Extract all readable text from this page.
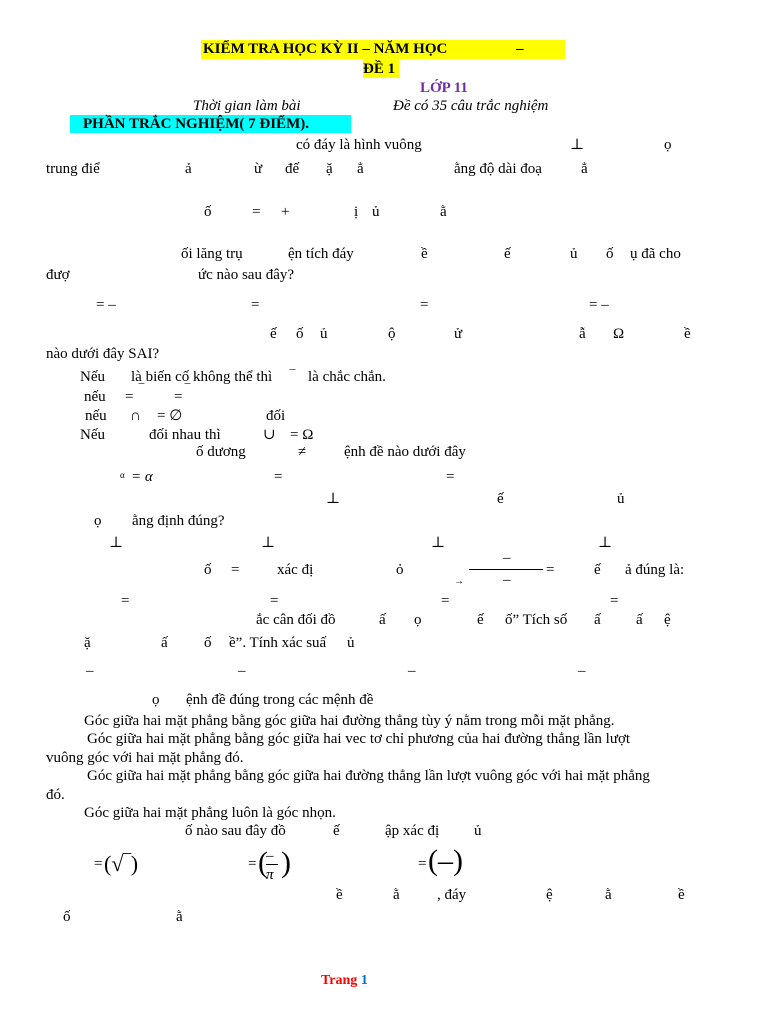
KIỂM TRA HỌC KỲ II – NĂM HỌC	–
ĐỀ 1
LỚP 11
Thời gian làm bài	Đề có 35 câu trắc nghiệm
PHẦN TRẮC NGHIỆM( 7 ĐIỂM).
có đáy là hình vuông	⊥	ọ
trung điể	ả	ừ đế ặ ẳ	ằng độ dài đoạ	ẳ
ố	= +	ị ủ	ằ
ối lăng trụ	ện tích đáy	ề	ế	ủ ố ụ đã cho
đượ	ức nào sau đây?
= –	=	=	= –
ế ố ủ	ộ	ử	ẫ Ω	ề
nào dưới đây SAI?
Nếu là biến cố không thể thì ‾ là chắc chắn.
nếu = ‾ = ‾
nếu ∩ = ∅	đối
Nếu	đối nhau thì	∪ = Ω
ố dương	≠	ệnh đề nào dưới đây
α = α	=	=
⊥	ế	ủ
ọ ằng định đúng?
⊥	⊥	⊥	⊥
ố =	xác đị	ỏ
→
–
–
=	ế ả đúng là:
=	=	=	=
ắc cân đối đồ	ấ ọ	ế ố” Tích số ấ ấ ệ
ặ	ấ ố ề”. Tính xác suấ ủ
–	–	–	–
ọ ệnh đề đúng trong các mệnh đề
Góc giữa hai mặt phẳng bằng góc giữa hai đường thẳng tùy ý nằm trong mỗi mặt phẳng.
Góc giữa hai mặt phẳng bằng góc giữa hai vec tơ chỉ phương của hai đường thẳng lần lượt
vuông góc với hai mặt phẳng đó.
Góc giữa hai mặt phẳng bằng góc giữa hai đường thẳng lần lượt vuông góc với hai mặt phẳng
đó.
Góc giữa hai mặt phẳng luôn là góc nhọn.
ố nào sau đây đồ	ế	ập xác đị ủ
= (√‾)	= (
–
π )	= (–)
ề	ằ , đáy	ệ	ằ	ề
ố	ằ
Trang 1
